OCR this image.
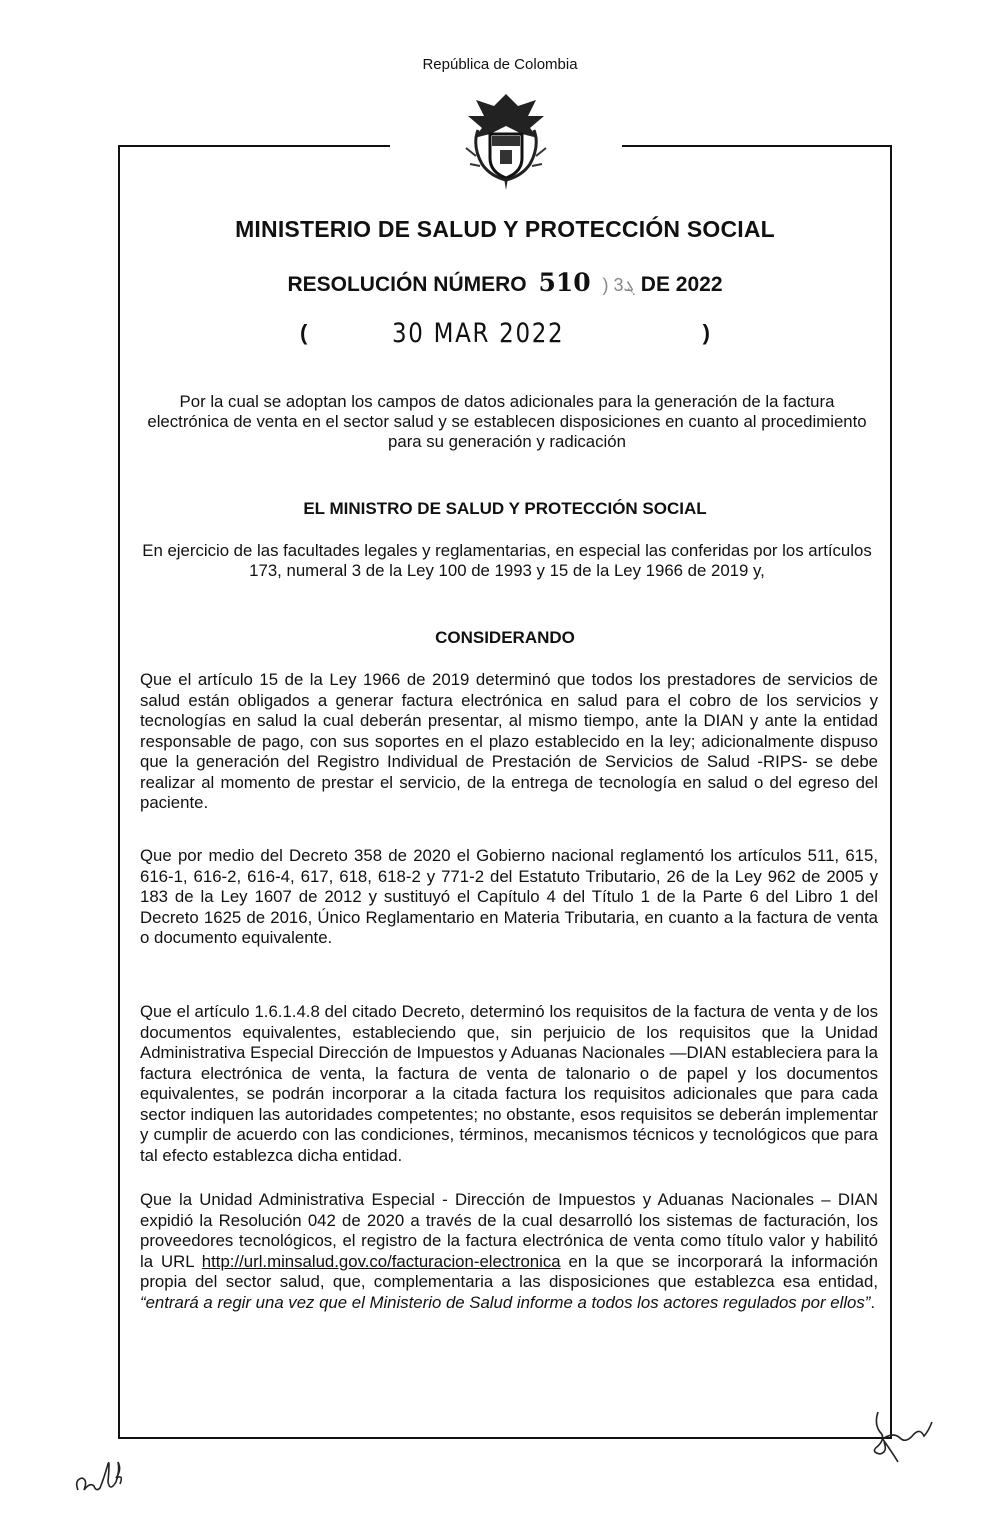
República de Colombia
MINISTERIO DE SALUD Y PROTECCIÓN SOCIAL
RESOLUCIÓN NÚMERO	ܔ3 ( 510 DE 2022
(	30 MAR 2022	)
Por la cual se adoptan los campos de datos adicionales para la generación de la factura electrónica de venta en el sector salud y se establecen disposiciones en cuanto al procedimiento para su generación y radicación
EL MINISTRO DE SALUD Y PROTECCIÓN SOCIAL
En ejercicio de las facultades legales y reglamentarias, en especial las conferidas por los artículos 173, numeral 3 de la Ley 100 de 1993 y 15 de la Ley 1966 de 2019 y,
CONSIDERANDO
Que el artículo 15 de la Ley 1966 de 2019 determinó que todos los prestadores de servicios de salud están obligados a generar factura electrónica en salud para el cobro de los servicios y tecnologías en salud la cual deberán presentar, al mismo tiempo, ante la DIAN y ante la entidad responsable de pago, con sus soportes en el plazo establecido en la ley; adicionalmente dispuso que la generación del Registro Individual de Prestación de Servicios de Salud -RIPS- se debe realizar al momento de prestar el servicio, de la entrega de tecnología en salud o del egreso del paciente.
Que por medio del Decreto 358 de 2020 el Gobierno nacional reglamentó los artículos 511, 615, 616-1, 616-2, 616-4, 617, 618, 618-2 y 771-2 del Estatuto Tributario, 26 de la Ley 962 de 2005 y 183 de la Ley 1607 de 2012 y sustituyó el Capítulo 4 del Título 1 de la Parte 6 del Libro 1 del Decreto 1625 de 2016, Único Reglamentario en Materia Tributaria, en cuanto a la factura de venta o documento equivalente.
Que el artículo 1.6.1.4.8 del citado Decreto, determinó los requisitos de la factura de venta y de los documentos equivalentes, estableciendo que, sin perjuicio de los requisitos que la Unidad Administrativa Especial Dirección de Impuestos y Aduanas Nacionales —DIAN estableciera para la factura electrónica de venta, la factura de venta de talonario o de papel y los documentos equivalentes, se podrán incorporar a la citada factura los requisitos adicionales que para cada sector indiquen las autoridades competentes; no obstante, esos requisitos se deberán implementar y cumplir de acuerdo con las condiciones, términos, mecanismos técnicos y tecnológicos que para tal efecto establezca dicha entidad.
Que la Unidad Administrativa Especial - Dirección de Impuestos y Aduanas Nacionales – DIAN expidió la Resolución 042 de 2020 a través de la cual desarrolló los sistemas de facturación, los proveedores tecnológicos, el registro de la factura electrónica de venta como título valor y habilitó la URL http://url.minsalud.gov.co/facturacion-electronica en la que se incorporará la información propia del sector salud, que, complementaria a las disposiciones que establezca esa entidad, “entrará a regir una vez que el Ministerio de Salud informe a todos los actores regulados por ellos”.
